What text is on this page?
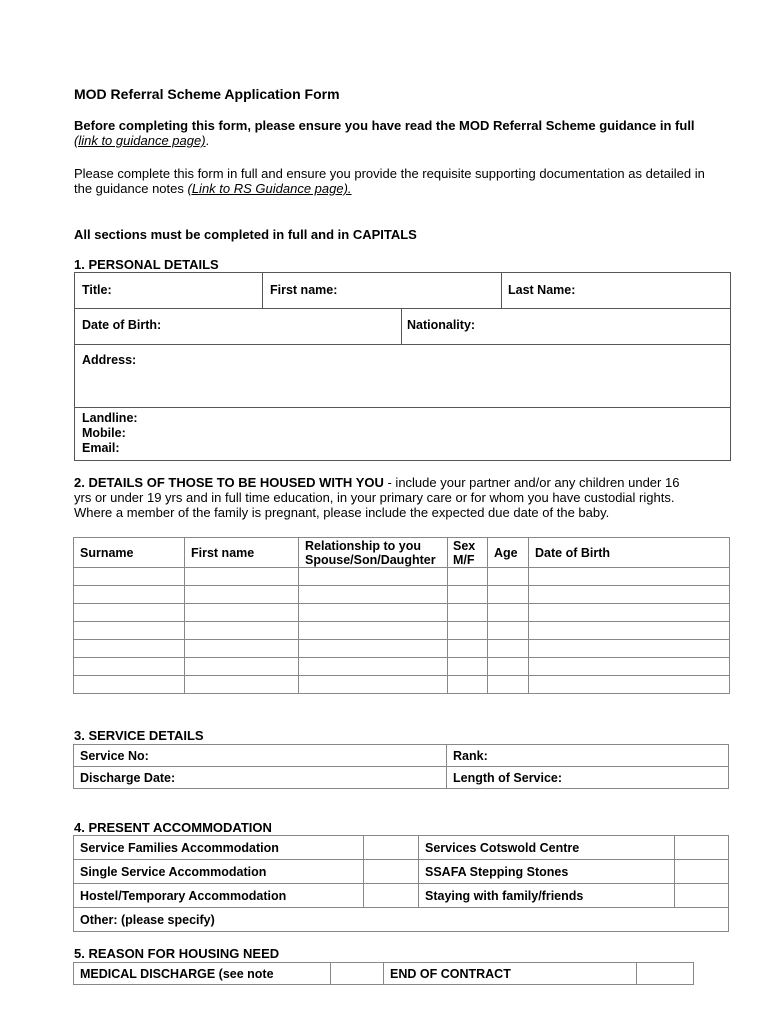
MOD Referral Scheme Application Form
Before completing this form, please ensure you have read the MOD Referral Scheme guidance in full (link to guidance page).
Please complete this form in full and ensure you provide the requisite supporting documentation as detailed in the guidance notes (Link to RS Guidance page).
All sections must be completed in full and in CAPITALS
1. PERSONAL DETAILS
Title:	First name:	Last Name:
Date of Birth:	Nationality:
Address:
Landline:
Mobile:
Email:
2. DETAILS OF THOSE TO BE HOUSED WITH YOU - include your partner and/or any children under 16 yrs or under 19 yrs and in full time education, in your primary care or for whom you have custodial rights. Where a member of the family is pregnant, please include the expected due date of the baby.
Surname	First name	Relationship to you Spouse/Son/Daughter	Sex M/F	Age	Date of Birth

3. SERVICE DETAILS
Service No:	Rank:
Discharge Date:	Length of Service:
4. PRESENT ACCOMMODATION
Service Families Accommodation		Services Cotswold Centre	
Single Service Accommodation		SSAFA Stepping Stones	
Hostel/Temporary Accommodation		Staying with family/friends	
Other: (please specify)			
5. REASON FOR HOUSING NEED
MEDICAL DISCHARGE (see note		END OF CONTRACT	
